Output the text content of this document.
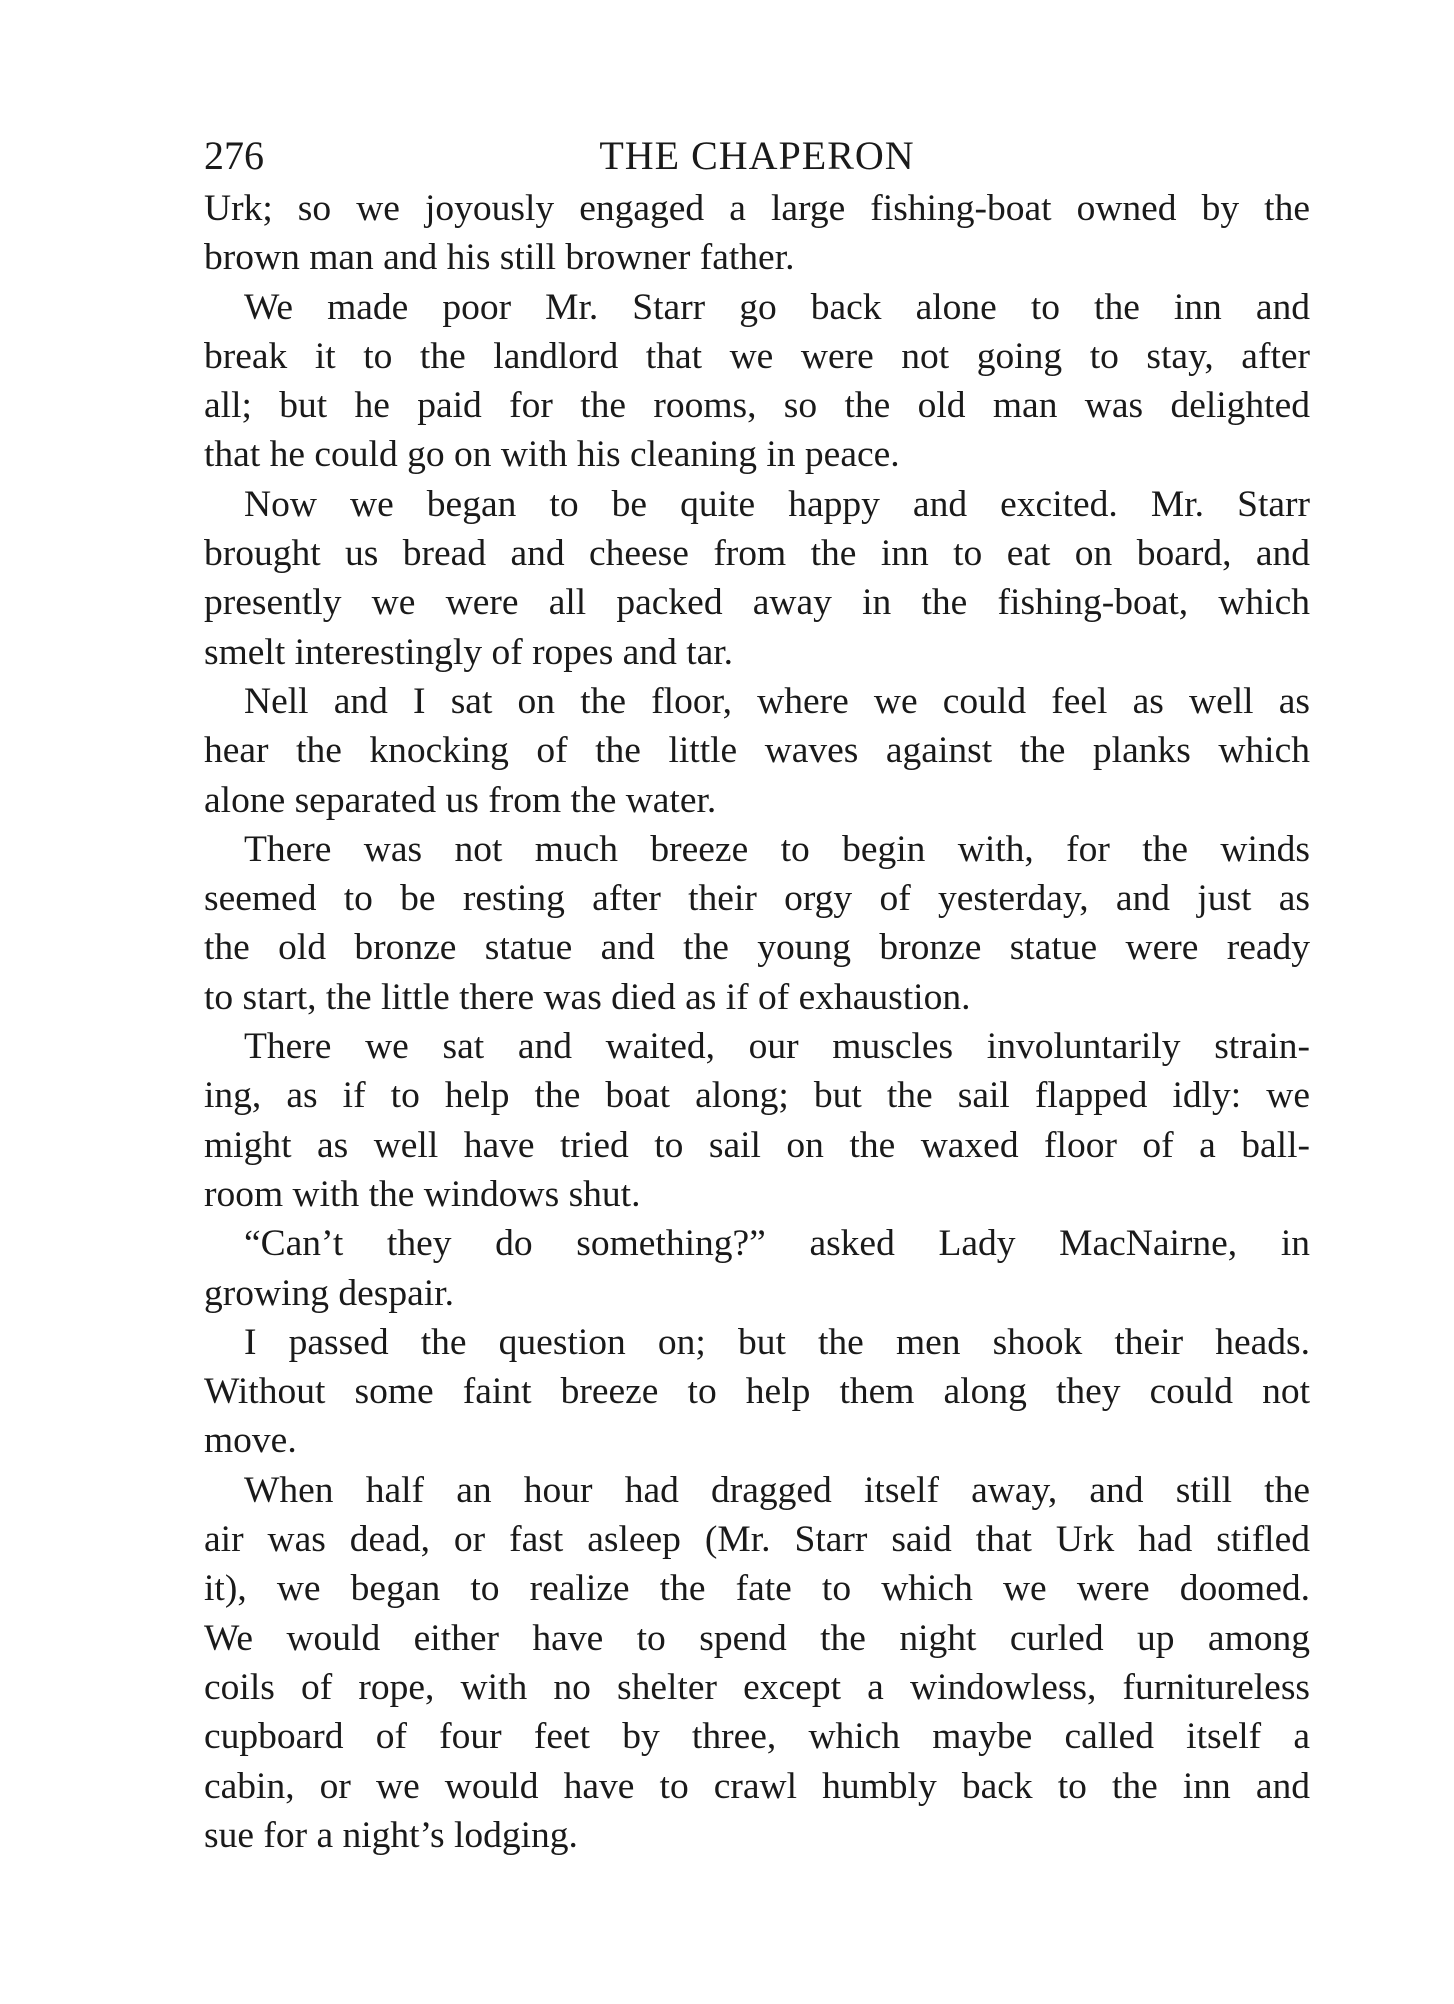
276	THE CHAPERON
Urk; so we joyously engaged a large fishing-boat owned by the
brown man and his still browner father.
We made poor Mr. Starr go back alone to the inn and
break it to the landlord that we were not going to stay, after
all; but he paid for the rooms, so the old man was delighted
that he could go on with his cleaning in peace.
Now we began to be quite happy and excited. Mr. Starr
brought us bread and cheese from the inn to eat on board, and
presently we were all packed away in the fishing-boat, which
smelt interestingly of ropes and tar.
Nell and I sat on the floor, where we could feel as well as
hear the knocking of the little waves against the planks which
alone separated us from the water.
There was not much breeze to begin with, for the winds
seemed to be resting after their orgy of yesterday, and just as
the old bronze statue and the young bronze statue were ready
to start, the little there was died as if of exhaustion.
There we sat and waited, our muscles involuntarily strain-
ing, as if to help the boat along; but the sail flapped idly: we
might as well have tried to sail on the waxed floor of a ball-
room with the windows shut.
“Can’t they do something?” asked Lady MacNairne, in
growing despair.
I passed the question on; but the men shook their heads.
Without some faint breeze to help them along they could not
move.
When half an hour had dragged itself away, and still the
air was dead, or fast asleep (Mr. Starr said that Urk had stifled
it), we began to realize the fate to which we were doomed.
We would either have to spend the night curled up among
coils of rope, with no shelter except a windowless, furnitureless
cupboard of four feet by three, which maybe called itself a
cabin, or we would have to crawl humbly back to the inn and
sue for a night’s lodging.
